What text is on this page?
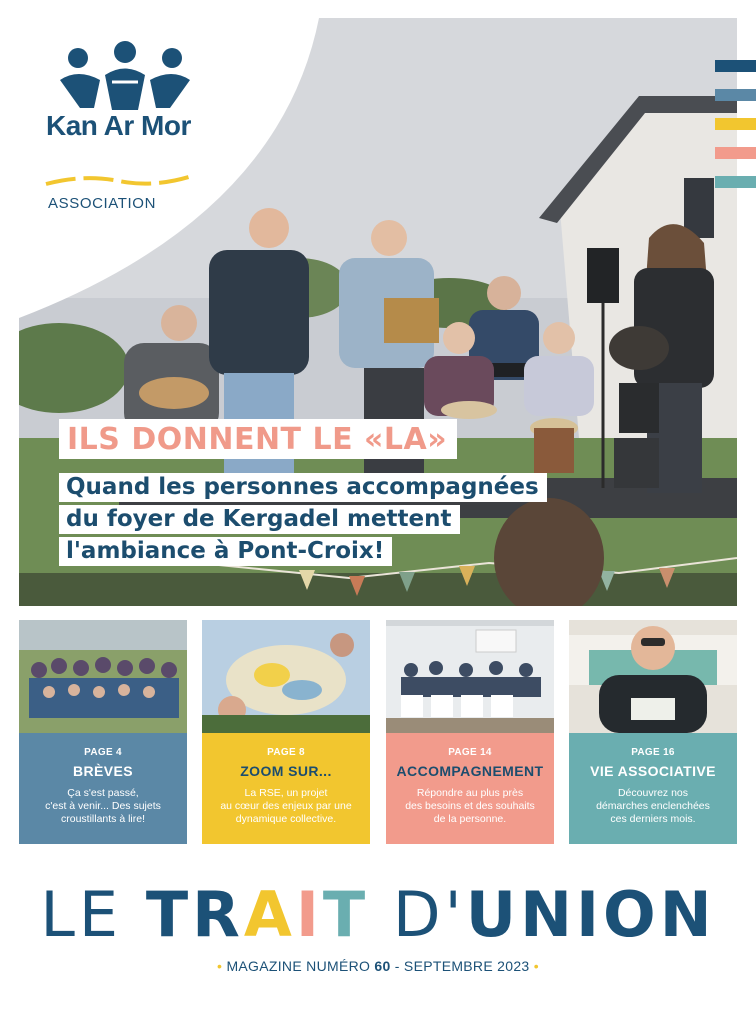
Kan Ar Mor
ASSOCIATION
ILS DONNENT LE «LA»
Quand les personnes accompagnées
du foyer de Kergadel mettent
l'ambiance à Pont-Croix!
PAGE 4
BRÈVES
Ça s'est passé,
c'est à venir... Des sujets
croustillants à lire!
PAGE 8
ZOOM SUR...
La RSE, un projet
au cœur des enjeux par une
dynamique collective.
PAGE 14
ACCOMPAGNEMENT
Répondre au plus près
des besoins et des souhaits
de la personne.
PAGE 16
VIE ASSOCIATIVE
Découvrez nos
démarches enclenchées
ces derniers mois.
LE TRAIT D'UNION
• MAGAZINE NUMÉRO 60 - SEPTEMBRE 2023 •
